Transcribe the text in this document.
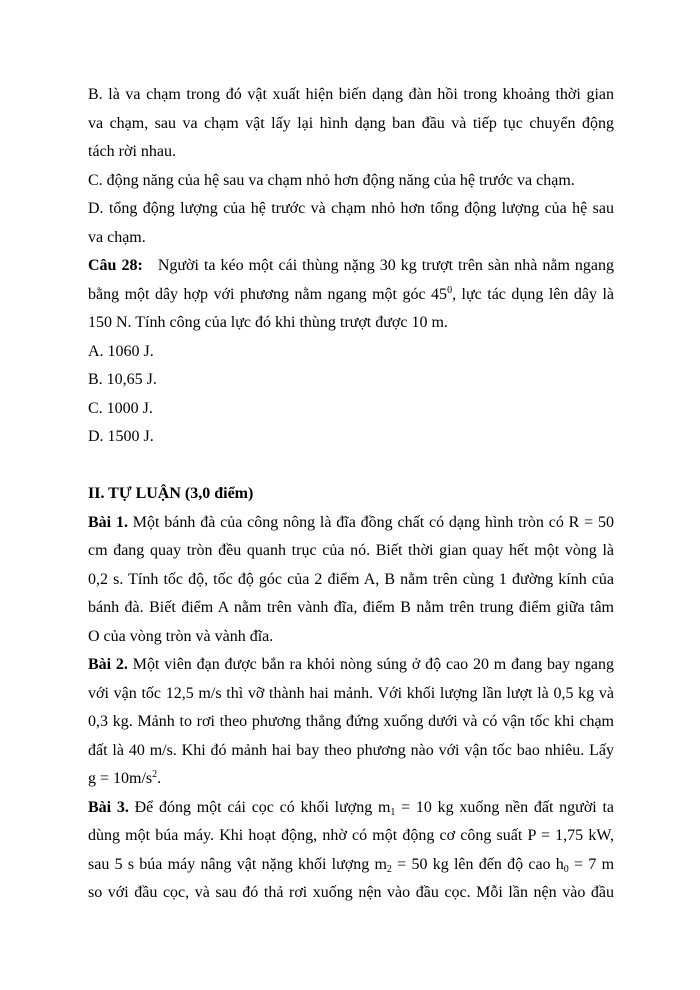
B. là va chạm trong đó vật xuất hiện biến dạng đàn hồi trong khoảng thời gian
va chạm, sau va chạm vật lấy lại hình dạng ban đầu và tiếp tục chuyển động
tách rời nhau.
C. động năng của hệ sau va chạm nhỏ hơn động năng của hệ trước va chạm.
D. tổng động lượng của hệ trước và chạm nhỏ hơn tổng động lượng của hệ sau
va chạm.
Câu 28: Người ta kéo một cái thùng nặng 30 kg trượt trên sàn nhà nằm ngang
bằng một dây hợp với phương nằm ngang một góc $45^0$, lực tác dụng lên dây là
150 N. Tính công của lực đó khi thùng trượt được 10 m.
A. 1060 J.
B. 10,65 J.
C. 1000 J.
D. 1500 J.
II. TỰ LUẬN (3,0 điểm)
Bài 1. Một bánh đà của công nông là đĩa đồng chất có dạng hình tròn có R = 50
cm đang quay tròn đều quanh trục của nó. Biết thời gian quay hết một vòng là
0,2 s. Tính tốc độ, tốc độ góc của 2 điểm A, B nằm trên cùng 1 đường kính của
bánh đà. Biết điểm A nằm trên vành đĩa, điểm B nằm trên trung điểm giữa tâm
O của vòng tròn và vành đĩa.
Bài 2. Một viên đạn được bắn ra khỏi nòng súng ở độ cao 20 m đang bay ngang
với vận tốc 12,5 m/s thì vỡ thành hai mảnh. Với khối lượng lần lượt là 0,5 kg và
0,3 kg. Mảnh to rơi theo phương thẳng đứng xuống dưới và có vận tốc khi chạm
đất là 40 m/s. Khi đó mảnh hai bay theo phương nào với vận tốc bao nhiêu. Lấy
$g = 10m/s^2$.
Bài 3. Để đóng một cái cọc có khối lượng $m_1 = 10$ kg xuống nền đất người ta
dùng một búa máy. Khi hoạt động, nhờ có một động cơ công suất P = 1,75 kW,
sau 5 s búa máy nâng vật nặng khối lượng $m_2 = 50$ kg lên đến độ cao $h_0 = 7$ m
so với đầu cọc, và sau đó thả rơi xuống nện vào đầu cọc. Mỗi lần nện vào đầu
